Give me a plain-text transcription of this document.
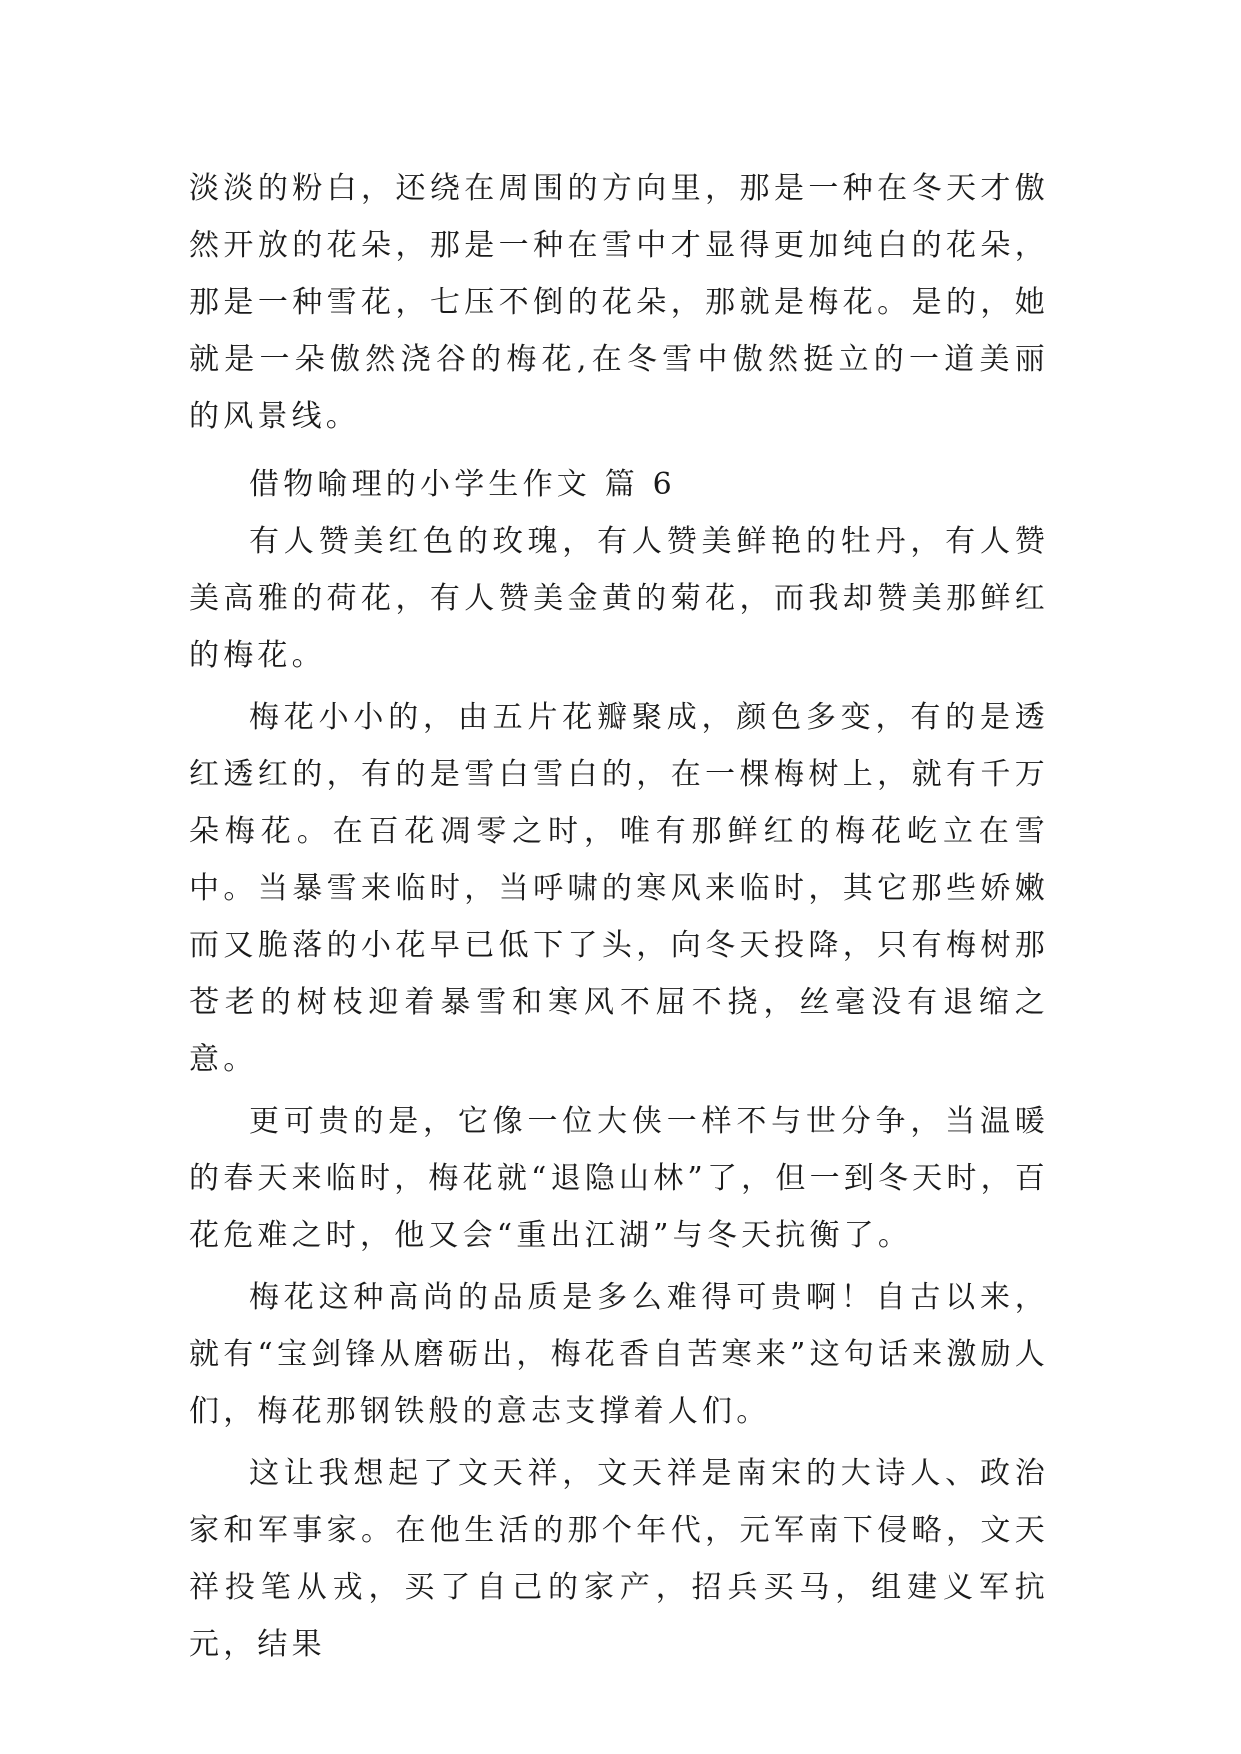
淡淡的粉白，还绕在周围的方向里，那是一种在冬天才傲然开放的花朵，那是一种在雪中才显得更加纯白的花朵，那是一种雪花，七压不倒的花朵，那就是梅花。是的，她就是一朵傲然浇谷的梅花,在冬雪中傲然挺立的一道美丽的风景线。

借物喻理的小学生作文 篇 6

有人赞美红色的玫瑰，有人赞美鲜艳的牡丹，有人赞美高雅的荷花，有人赞美金黄的菊花，而我却赞美那鲜红的梅花。

梅花小小的，由五片花瓣聚成，颜色多变，有的是透红透红的，有的是雪白雪白的，在一棵梅树上，就有千万朵梅花。在百花凋零之时，唯有那鲜红的梅花屹立在雪中。当暴雪来临时，当呼啸的寒风来临时，其它那些娇嫩而又脆落的小花早已低下了头，向冬天投降，只有梅树那苍老的树枝迎着暴雪和寒风不屈不挠，丝毫没有退缩之意。

更可贵的是，它像一位大侠一样不与世分争，当温暖的春天来临时，梅花就“退隐山林”了，但一到冬天时，百花危难之时，他又会“重出江湖”与冬天抗衡了。

梅花这种高尚的品质是多么难得可贵啊！自古以来，就有“宝剑锋从磨砺出，梅花香自苦寒来”这句话来激励人们，梅花那钢铁般的意志支撑着人们。

这让我想起了文天祥，文天祥是南宋的大诗人、政治家和军事家。在他生活的那个年代，元军南下侵略，文天祥投笔从戎，买了自己的家产，招兵买马，组建义军抗元，结果
